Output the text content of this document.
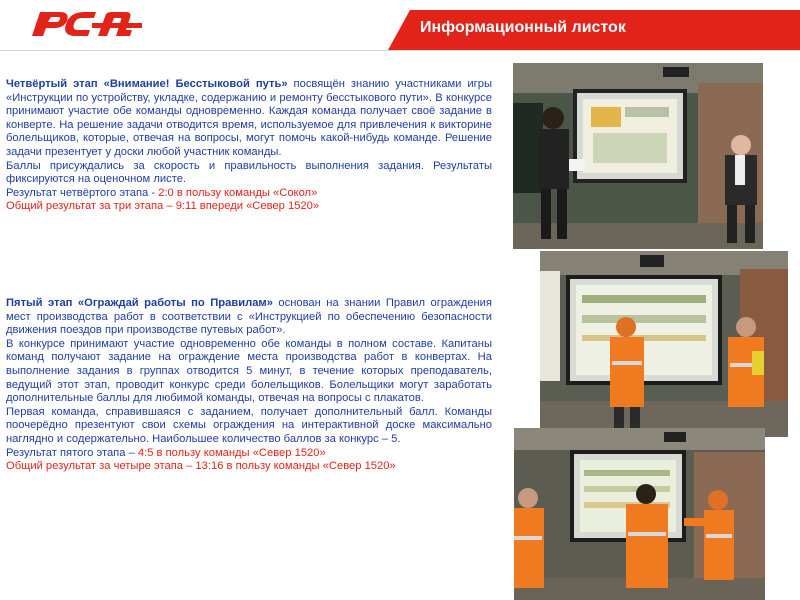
Информационный листок

Четвёртый этап «Внимание! Бесстыковой путь» посвящён знанию участниками игры «Инструкции по устройству, укладке, содержанию и ремонту бесстыкового пути». В конкурсе принимают участие обе команды одновременно. Каждая команда получает своё задание в конверте. На решение задачи отводится время, используемое для привлечения к викторине болельщиков, которые, отвечая на вопросы, могут помочь какой-нибудь команде. Решение задачи презентует у доски любой участник команды.

Баллы присуждались за скорость и правильность выполнения задания. Результаты фиксируются на оценочном листе.

Результат четвёртого этапа - 2:0 в пользу команды «Сокол»

Общий результат за три этапа – 9:11 впереди «Север 1520»

Пятый этап «Ограждай работы по Правилам» основан на знании Правил ограждения мест производства работ в соответствии с «Инструкцией по обеспечению безопасности движения поездов при производстве путевых работ».

В конкурсе принимают участие одновременно обе команды в полном составе. Капитаны команд получают задание на ограждение места производства работ в конвертах. На выполнение задания в группах отводится 5 минут, в течение которых преподаватель, ведущий этот этап, проводит конкурс среди болельщиков. Болельщики могут заработать дополнительные баллы для любимой команды, отвечая на вопросы с плакатов.

Первая команда, справившаяся с заданием, получает дополнительный балл. Команды поочерёдно презентуют свои схемы ограждения на интерактивной доске максимально наглядно и содержательно. Наибольшее количество баллов за конкурс – 5.

Результат пятого этапа – 4:5 в пользу команды «Север 1520»

Общий результат за четыре этапа – 13:16 в пользу команды «Север 1520»
